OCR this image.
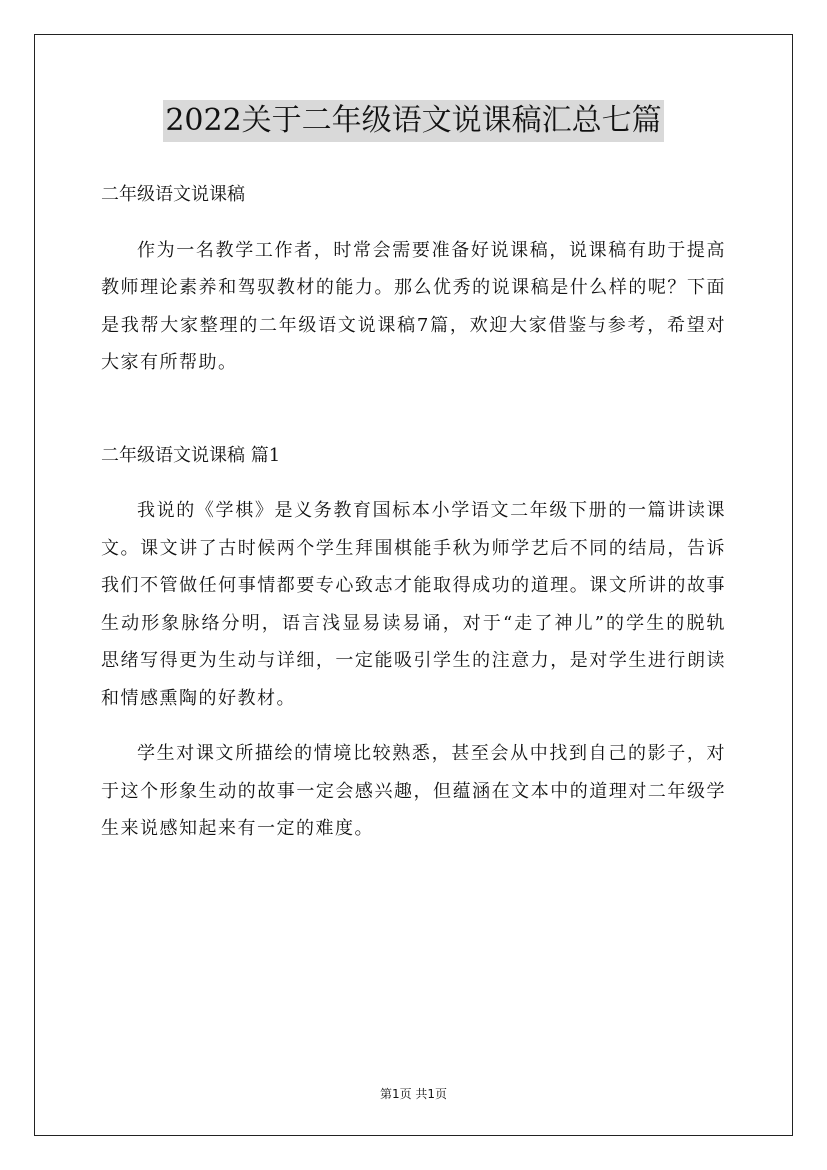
2022关于二年级语文说课稿汇总七篇

二年级语文说课稿

作为一名教学工作者，时常会需要准备好说课稿，说课稿有助于提高教师理论素养和驾驭教材的能力。那么优秀的说课稿是什么样的呢？下面是我帮大家整理的二年级语文说课稿7篇，欢迎大家借鉴与参考，希望对大家有所帮助。

二年级语文说课稿 篇1

我说的《学棋》是义务教育国标本小学语文二年级下册的一篇讲读课文。课文讲了古时候两个学生拜围棋能手秋为师学艺后不同的结局，告诉我们不管做任何事情都要专心致志才能取得成功的道理。课文所讲的故事生动形象脉络分明，语言浅显易读易诵，对于“走了神儿”的学生的脱轨思绪写得更为生动与详细，一定能吸引学生的注意力，是对学生进行朗读和情感熏陶的好教材。

学生对课文所描绘的情境比较熟悉，甚至会从中找到自己的影子，对于这个形象生动的故事一定会感兴趣，但蕴涵在文本中的道理对二年级学生来说感知起来有一定的难度。

第1页 共1页
